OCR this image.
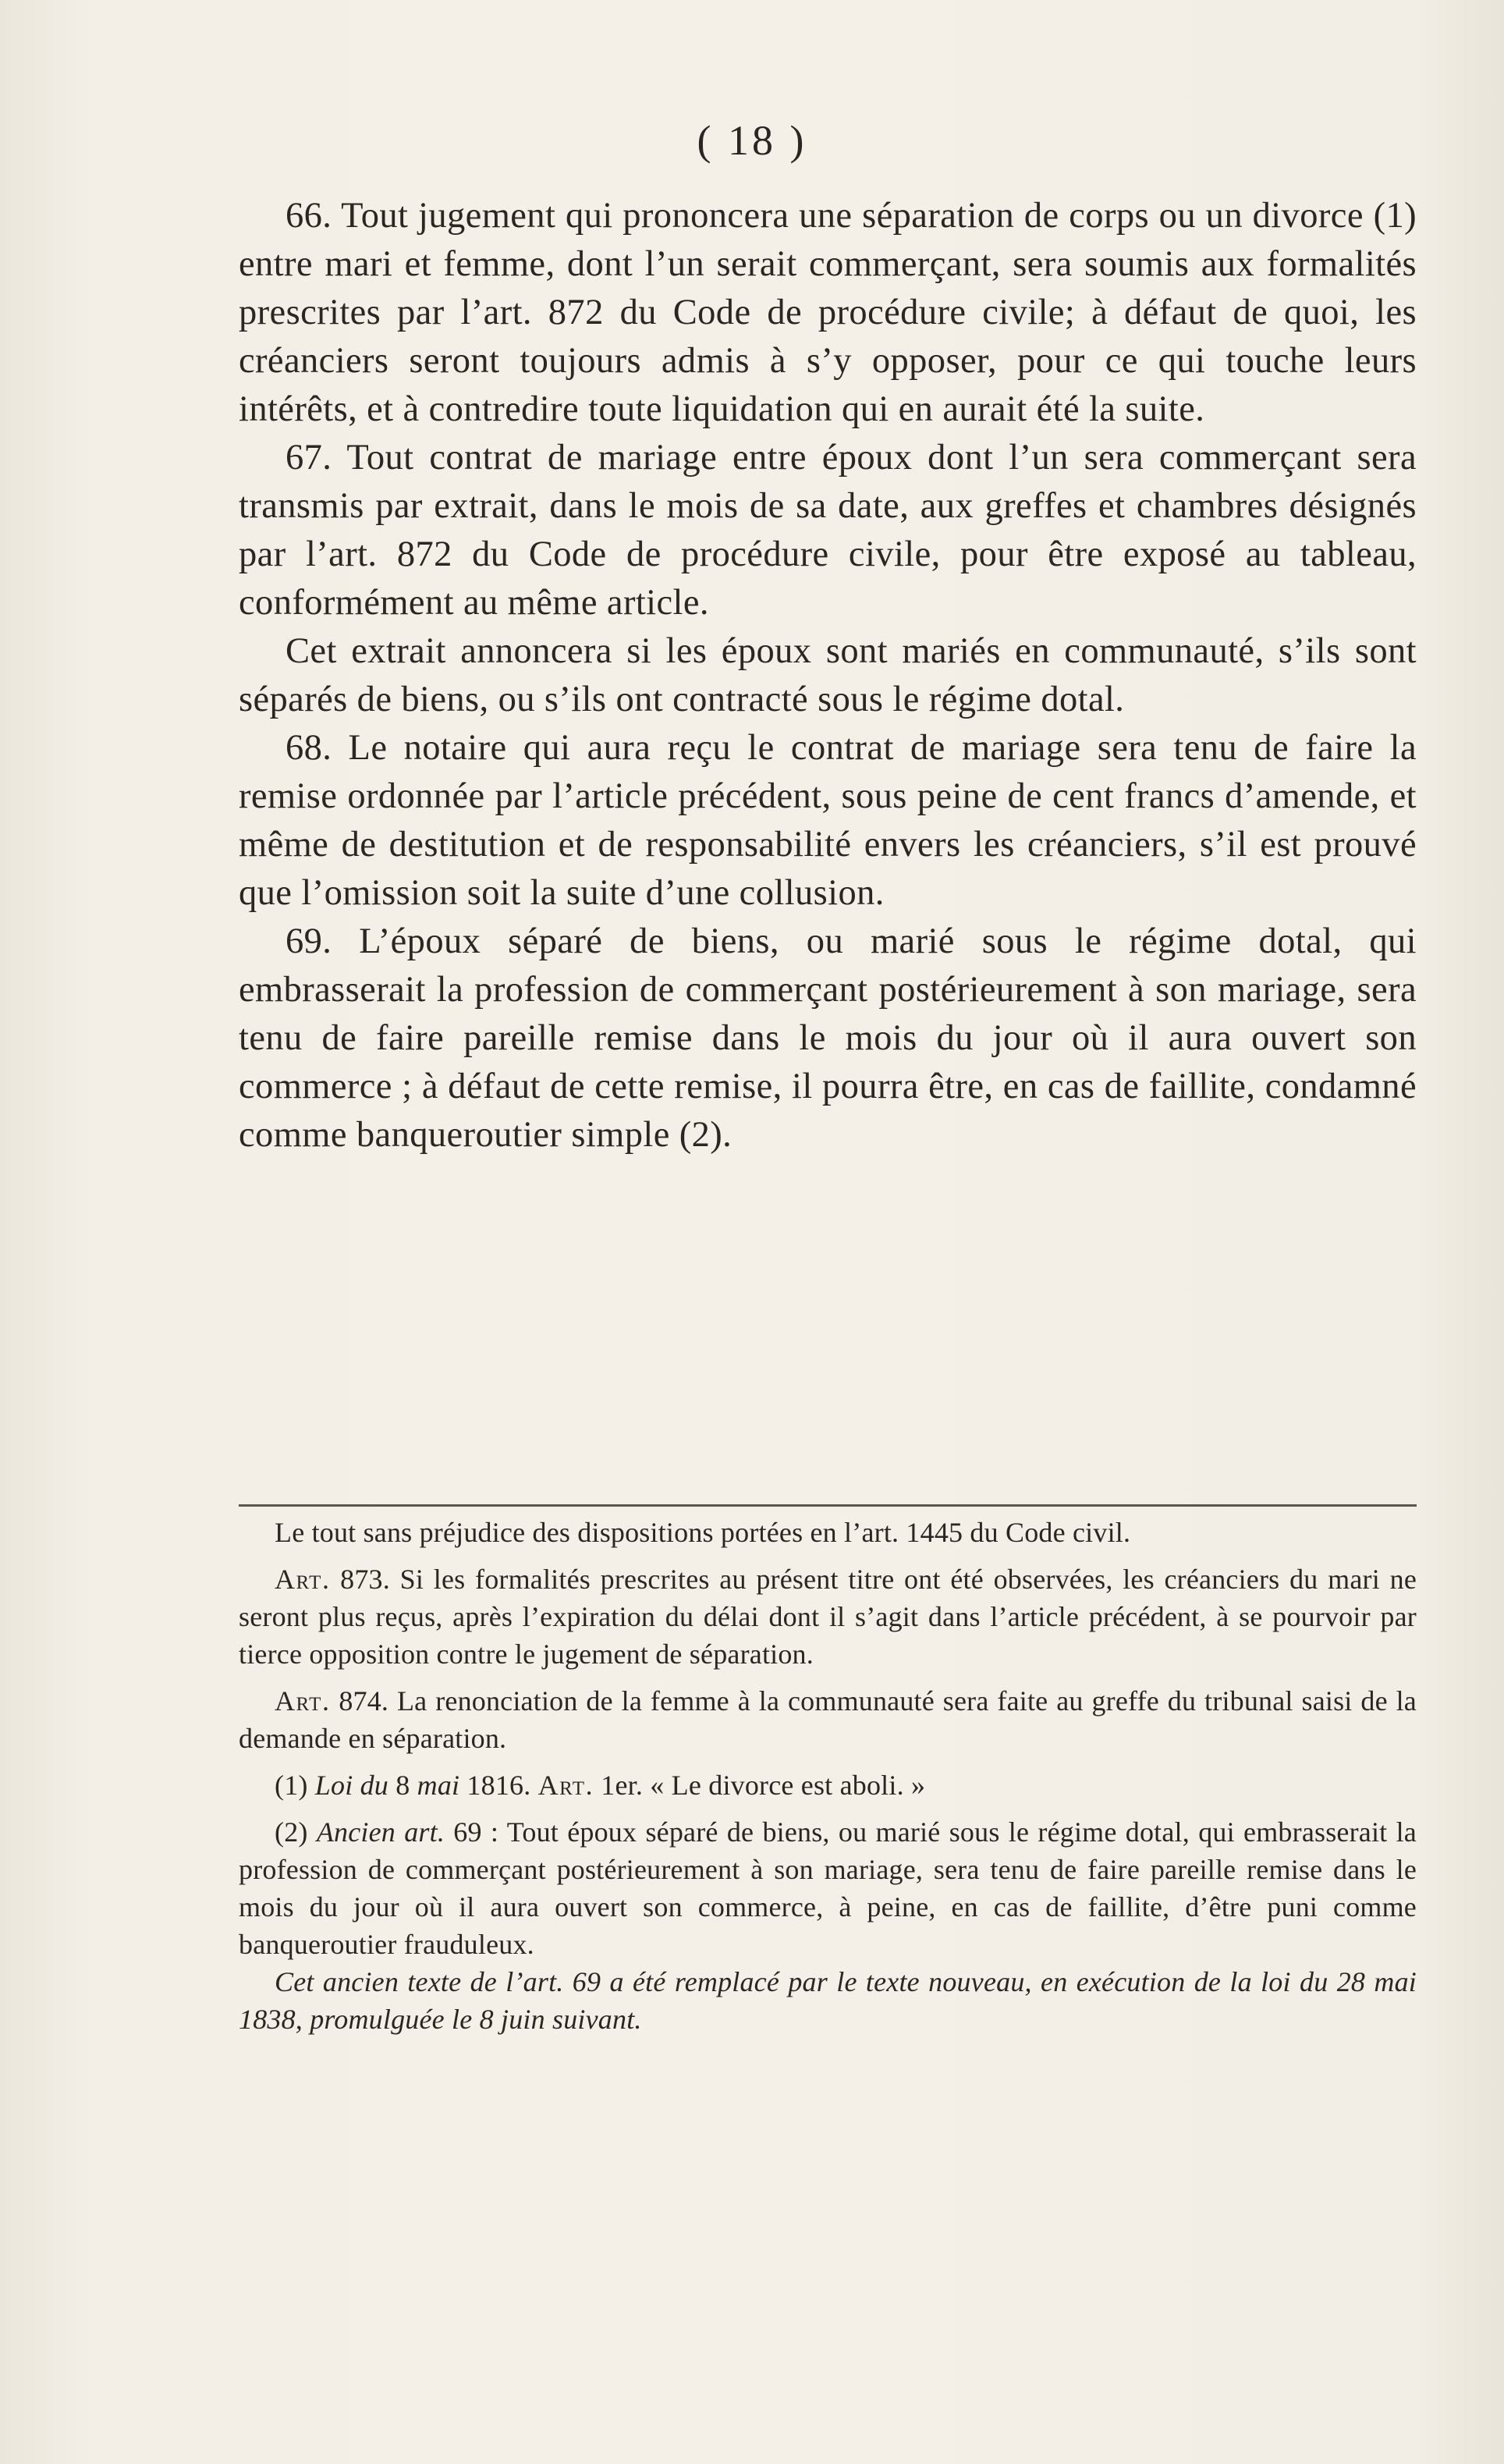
( 18 )

66. Tout jugement qui prononcera une séparation de corps ou un divorce (1) entre mari et femme, dont l’un serait commerçant, sera soumis aux formalités prescrites par l’art. 872 du Code de procédure civile; à défaut de quoi, les créanciers seront toujours admis à s’y opposer, pour ce qui touche leurs intérêts, et à contredire toute liquidation qui en aurait été la suite.

67. Tout contrat de mariage entre époux dont l’un sera commerçant sera transmis par extrait, dans le mois de sa date, aux greffes et chambres désignés par l’art. 872 du Code de procédure civile, pour être exposé au tableau, conformément au même article.

Cet extrait annoncera si les époux sont mariés en communauté, s’ils sont séparés de biens, ou s’ils ont contracté sous le régime dotal.

68. Le notaire qui aura reçu le contrat de mariage sera tenu de faire la remise ordonnée par l’article précédent, sous peine de cent francs d’amende, et même de destitution et de responsabilité envers les créanciers, s’il est prouvé que l’omission soit la suite d’une collusion.

69. L’époux séparé de biens, ou marié sous le régime dotal, qui embrasserait la profession de commerçant postérieurement à son mariage, sera tenu de faire pareille remise dans le mois du jour où il aura ouvert son commerce ; à défaut de cette remise, il pourra être, en cas de faillite, condamné comme banqueroutier simple (2).

Le tout sans préjudice des dispositions portées en l’art. 1445 du Code civil.

Art. 873. Si les formalités prescrites au présent titre ont été observées, les créanciers du mari ne seront plus reçus, après l’expiration du délai dont il s’agit dans l’article précédent, à se pourvoir par tierce opposition contre le jugement de séparation.

Art. 874. La renonciation de la femme à la communauté sera faite au greffe du tribunal saisi de la demande en séparation.

(1) Loi du 8 mai 1816. Art. 1er. « Le divorce est aboli. »

(2) Ancien art. 69 : Tout époux séparé de biens, ou marié sous le régime dotal, qui embrasserait la profession de commerçant postérieurement à son mariage, sera tenu de faire pareille remise dans le mois du jour où il aura ouvert son commerce, à peine, en cas de faillite, d’être puni comme banqueroutier frauduleux.

Cet ancien texte de l’art. 69 a été remplacé par le texte nouveau, en exécution de la loi du 28 mai 1838, promulguée le 8 juin suivant.
